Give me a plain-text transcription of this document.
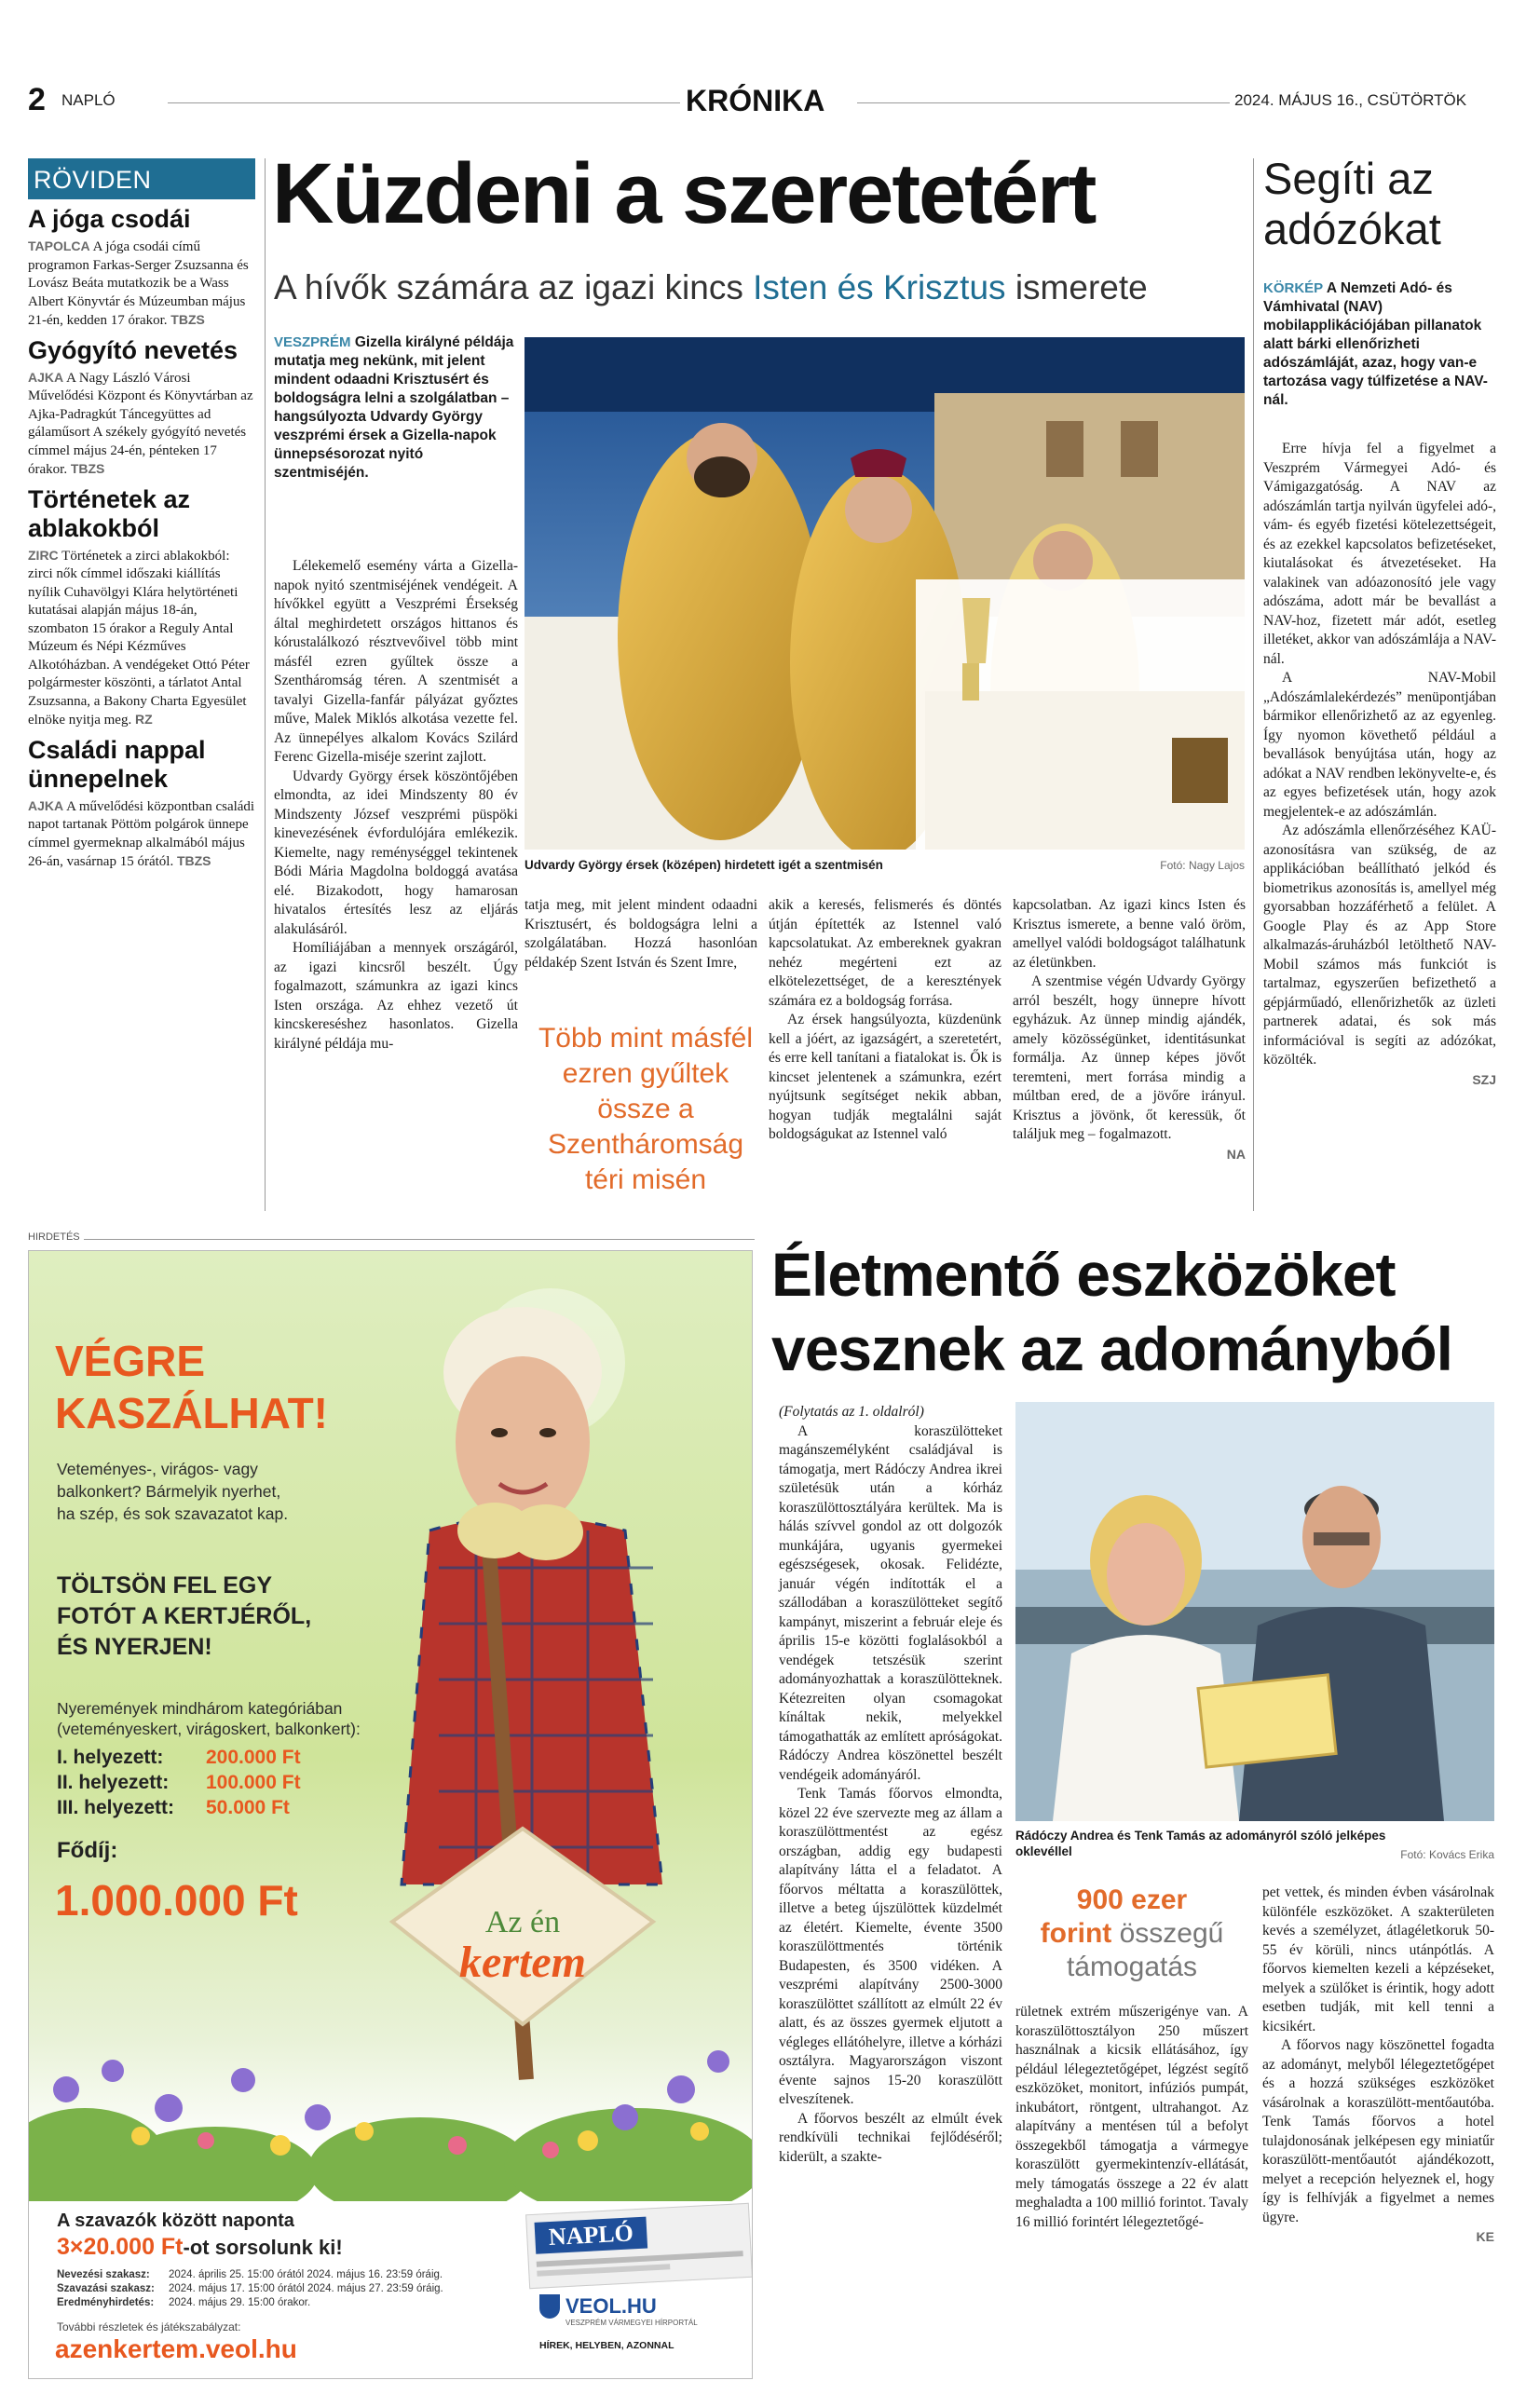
2 NAPLÓ	KRÓNIKA	2024. MÁJUS 16., CSÜTÖRTÖK
RÖVIDEN
A jóga csodái
TAPOLCA A jóga csodái című programon Farkas-Serger Zsuzsanna és Lovász Beáta mutatkozik be a Wass Albert Könyvtár és Múzeumban május 21-én, kedden 17 órakor. TBZS
Gyógyító nevetés
AJKA A Nagy László Városi Művelődési Központ és Könyvtárban az Ajka-Padragkút Táncegyüttes ad gálaműsort A székely gyógyító nevetés címmel május 24-én, pénteken 17 órakor. TBZS
Történetek az ablakokból
ZIRC Történetek a zirci ablakokból: zirci nők címmel időszaki kiállítás nyílik Cuhavölgyi Klára helytörténeti kutatásai alapján május 18-án, szombaton 15 órakor a Reguly Antal Múzeum és Népi Kézműves Alkotóházban. A vendégeket Ottó Péter polgármester köszönti, a tárlatot Antal Zsuzsanna, a Bakony Charta Egyesület elnöke nyitja meg. RZ
Családi nappal ünnepelnek
AJKA A művelődési központban családi napot tartanak Pöttöm polgárok ünnepe címmel gyermeknap alkalmából május 26-án, vasárnap 15 órától. TBZS
Küzdeni a szeretetért
A hívők számára az igazi kincs Isten és Krisztus ismerete
VESZPRÉM Gizella királyné példája mutatja meg nekünk, mit jelent mindent odaadni Krisztusért és boldogságra lelni a szolgálatban – hangsúlyozta Udvardy György veszprémi érsek a Gizella-napok ünnepsésorozat nyitó szentmiséjén.

Lélekemelő esemény várta a Gizella-napok nyitó szentmiséjének vendégeit. A hívőkkel együtt a Veszprémi Érsekség által meghirdetett országos hittanos és kórustalálkozó résztvevőivel több mint másfél ezren gyűltek össze a Szentháromság téren. A szentmisét a tavalyi Gizella-fanfár pályázat győztes műve, Malek Miklós alkotása vezette fel. Az ünnepélyes alkalom Kovács Szilárd Ferenc Gizella-miséje szerint zajlott.

Udvardy György érsek köszöntőjében elmondta, az idei Mindszenty 80 év Mindszenty József veszprémi püspöki kinevezésének évfordulójára emlékezik. Kiemelte, nagy reménységgel tekintenek Bódi Mária Magdolna boldoggá avatása elé. Bizakodott, hogy hamarosan hivatalos értesítés lesz az eljárás alakulásáról.

Homíliájában a mennyek országáról, az igazi kincsről beszélt. Úgy fogalmazott, számunkra az igazi kincs Isten országa. Az ehhez vezető út kincskereséshez hasonlatos. Gizella királyné példája mu-

Udvardy György érsek (középen) hirdetett igét a szentmisén	Fotó: Nagy Lajos

tatja meg, mit jelent mindent odaadni Krisztusért, és boldogságra lelni a szolgálatában. Hozzá hasonlóan példakép Szent István és Szent Imre,

Több mint másfél ezren gyűltek össze a Szentháromság téri misén

akik a keresés, felismerés és döntés útján építették az Istennel való kapcsolatukat. Az embereknek gyakran nehéz megérteni ezt az elkötelezettséget, de a keresztények számára ez a boldogság forrása.

Az érsek hangsúlyozta, küzdenünk kell a jóért, az igazságért, a szeretetért, és erre kell tanítani a fiatalokat is. Ők is kincset jelentenek a számunkra, ezért nyújtsunk segítséget nekik abban, hogyan tudják megtalálni saját boldogságukat az Istennel való

kapcsolatban. Az igazi kincs Isten és Krisztus ismerete, a benne való öröm, amellyel valódi boldogságot találhatunk az életünkben.

A szentmise végén Udvardy György arról beszélt, hogy ünnepre hívott egyházuk. Az ünnep mindig ajándék, amely közösségünket, identitásunkat formálja. Az ünnep képes jövőt teremteni, mert forrása mindig a múltban ered, de a jövőre irányul. Krisztus a jövönk, őt keressük, őt találjuk meg – fogalmazott.

NA
Segíti az adózókat
KÖRKÉP A Nemzeti Adó- és Vámhivatal (NAV) mobilapplikációjában pillanatok alatt bárki ellenőrizheti adószámláját, azaz, hogy van-e tartozása vagy túlfizetése a NAV-nál.

Erre hívja fel a figyelmet a Veszprém Vármegyei Adó- és Vámigazgatóság. A NAV az adószámlán tartja nyilván ügyfelei adó-, vám- és egyéb fizetési kötelezettségeit, és az ezekkel kapcsolatos befizetéseket, kiutalásokat és átvezetéseket. Ha valakinek van adóazonosító jele vagy adószáma, adott már be bevallást a NAV-hoz, fizetett már adót, esetleg illetéket, akkor van adószámlája a NAV-nál.

A NAV-Mobil „Adószámlalekérdezés” menüpontjában bármikor ellenőrizhető az az egyenleg. Így nyomon követhető például a bevallások benyújtása után, hogy az adókat a NAV rendben lekönyvelte-e, és az egyes befizetések után, hogy azok megjelentek-e az adószámlán.

Az adószámla ellenőrzéséhez KAÜ-azonosításra van szükség, de az applikációban beállítható jelkód és biometrikus azonosítás is, amellyel még gyorsabban hozzáférhető a felület. A Google Play és az App Store alkalmazás-áruházból letölthető NAV-Mobil számos más funkciót is tartalmaz, egyszerűen befizethető a gépjárműadó, ellenőrizhetők az üzleti partnerek adatai, és sok más információval is segíti az adózókat, közölték.

SZJ
HIRDETÉS
VÉGRE
KASZÁLHAT!
Veteményes-, virágos- vagy balkonkert? Bármelyik nyerhet, ha szép, és sok szavazatot kap.
TÖLTSÖN FEL EGY
FOTÓT A KERTJÉRŐL,
ÉS NYERJEN!
Nyeremények mindhárom kategóriában (veteményeskert, virágoskert, balkonkert):
I. helyezett: 200.000 Ft
II. helyezett: 100.000 Ft
III. helyezett: 50.000 Ft
Fődíj:
1.000.000 Ft	Az én
kertem
A szavazók között naponta
3×20.000 Ft-ot sorsolunk ki!
Nevezési szakasz: 2024. április 25. 15:00 órától 2024. május 16. 23:59 óráig.
Szavazási szakasz: 2024. május 17. 15:00 órától 2024. május 27. 23:59 óráig.
Eredményhirdetés: 2024. május 29. 15:00 órakor.
További részletek és játékszabályzat:
azenkertem.veol.hu
NAPLÓ
VEOL.HU
VESZPRÉM VÁRMEGYEI HÍRPORTÁL
HÍREK, HELYBEN, AZONNAL
Életmentő eszközöket
vesznek az adományból

(Folytatás az 1. oldalról)

A koraszülötteket magánszemélyként családjával is támogatja, mert Rádóczy Andrea ikrei születésük után a kórház koraszülöttosztályára kerültek. Ma is hálás szívvel gondol az ott dolgozók munkájára, ugyanis gyermekei egészségesek, okosak. Felidézte, január végén indították el a szállodában a koraszülötteket segítő kampányt, miszerint a február eleje és április 15-e közötti foglalásokból a vendégek tetszésük szerint adományozhattak a koraszülötteknek. Kétezreiten olyan csomagokat kínáltak nekik, melyekkel támogathatták az említett apróságokat. Rádóczy Andrea köszönettel beszélt vendégeik adományáról.

Tenk Tamás főorvos elmondta, közel 22 éve szervezte meg az állam a koraszülöttmentést az egész országban, addig egy budapesti alapítvány látta el a feladatot. A főorvos méltatta a koraszülöttek, illetve a beteg újszülöttek küzdelmét az életért. Kiemelte, évente 3500 koraszülöttmentés történik Budapesten, és 3500 vidéken. A veszprémi alapítvány 2500-3000 koraszülöttet szállított az elmúlt 22 év alatt, és az összes gyermek eljutott a végleges ellátóhelyre, illetve a kórházi osztályra. Magyarországon viszont évente sajnos 15-20 koraszülött elveszítenek.

A főorvos beszélt az elmúlt évek rendkívüli technikai fejlődéséről; kiderült, a szakte-

Rádóczy Andrea és Tenk Tamás az adományról szóló jelképes oklevéllel	Fotó: Kovács Erika
900 ezer
forint összegű támogatás

rületnek extrém műszerigénye van. A koraszülöttosztályon 250 műszert használnak a kicsik ellátásához, így például lélegeztetőgépet, légzést segítő eszközöket, monitort, infúziós pumpát, inkubátort, röntgent, ultrahangot. Az alapítvány a mentésen túl a befolyt összegekből támogatja a vármegye koraszülött gyermekintenzív-ellátását, mely támogatás összege a 22 év alatt meghaladta a 100 millió forintot. Tavaly 16 millió forintért lélegeztetőgé-

pet vettek, és minden évben vásárolnak különféle eszközöket. A szakterületen kevés a személyzet, átlagéletkoruk 50-55 év körüli, nincs utánpótlás. A főorvos kiemelten kezeli a képzéseket, melyek a szülőket is érintik, hogy adott esetben tudják, mit kell tenni a kicsikért.

A főorvos nagy köszönettel fogadta az adományt, melyből lélegeztetőgépet és a hozzá szükséges eszközöket vásárolnak a koraszülött-mentőautóba. Tenk Tamás főorvos a hotel tulajdonosának jelképesen egy miniatűr koraszülött-mentőautót ajándékozott, melyet a recepción helyeznek el, hogy így is felhívják a figyelmet a nemes ügyre.

KE
